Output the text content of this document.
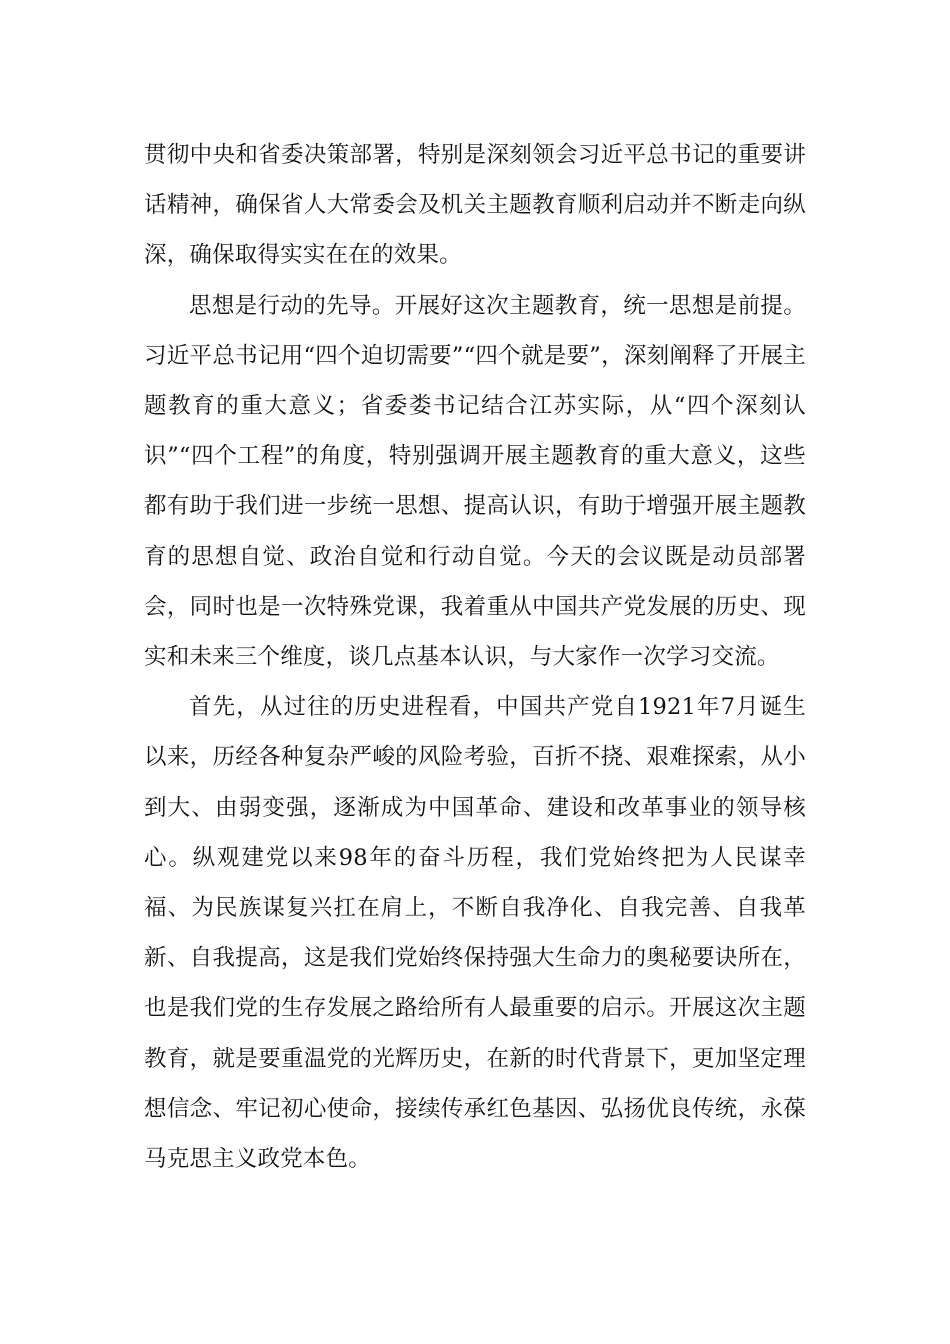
贯彻中央和省委决策部署，特别是深刻领会习近平总书记的重要讲话精神，确保省人大常委会及机关主题教育顺利启动并不断走向纵深，确保取得实实在在的效果。

思想是行动的先导。开展好这次主题教育，统一思想是前提。习近平总书记用“四个迫切需要”“四个就是要”，深刻阐释了开展主题教育的重大意义；省委娄书记结合江苏实际，从“四个深刻认识”“四个工程”的角度，特别强调开展主题教育的重大意义，这些都有助于我们进一步统一思想、提高认识，有助于增强开展主题教育的思想自觉、政治自觉和行动自觉。今天的会议既是动员部署会，同时也是一次特殊党课，我着重从中国共产党发展的历史、现实和未来三个维度，谈几点基本认识，与大家作一次学习交流。

首先，从过往的历史进程看，中国共产党自1921年7月诞生以来，历经各种复杂严峻的风险考验，百折不挠、艰难探索，从小到大、由弱变强，逐渐成为中国革命、建设和改革事业的领导核心。纵观建党以来98年的奋斗历程，我们党始终把为人民谋幸福、为民族谋复兴扛在肩上，不断自我净化、自我完善、自我革新、自我提高，这是我们党始终保持强大生命力的奥秘要诀所在，也是我们党的生存发展之路给所有人最重要的启示。开展这次主题教育，就是要重温党的光辉历史，在新的时代背景下，更加坚定理想信念、牢记初心使命，接续传承红色基因、弘扬优良传统，永葆马克思主义政党本色。
